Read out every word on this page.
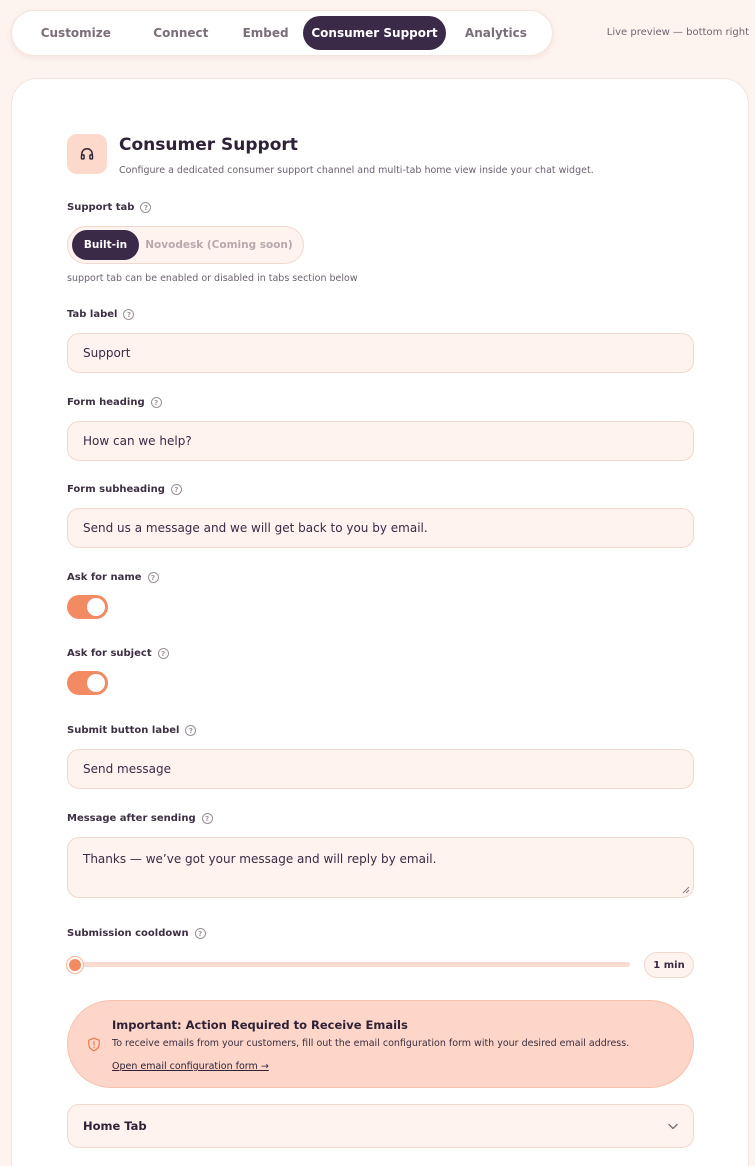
Customize	Connect	Embed	Consumer Support	Analytics	Live preview — bottom right
Consumer Support
Configure a dedicated consumer support channel and multi-tab home view inside your chat widget.
Support tab	?
Built-in	Novodesk (Coming soon)
support tab can be enabled or disabled in tabs section below
Tab label	?
Support
Form heading	?
How can we help?
Form subheading	?
Send us a message and we will get back to you by email.
Ask for name	?
Ask for subject	?
Submit button label	?
Send message
Message after sending	?
Thanks — we’ve got your message and will reply by email.
Submission cooldown	?
1 min
Important: Action Required to Receive Emails
To receive emails from your customers, fill out the email configuration form with your desired email address.
Open email configuration form →
Home Tab
